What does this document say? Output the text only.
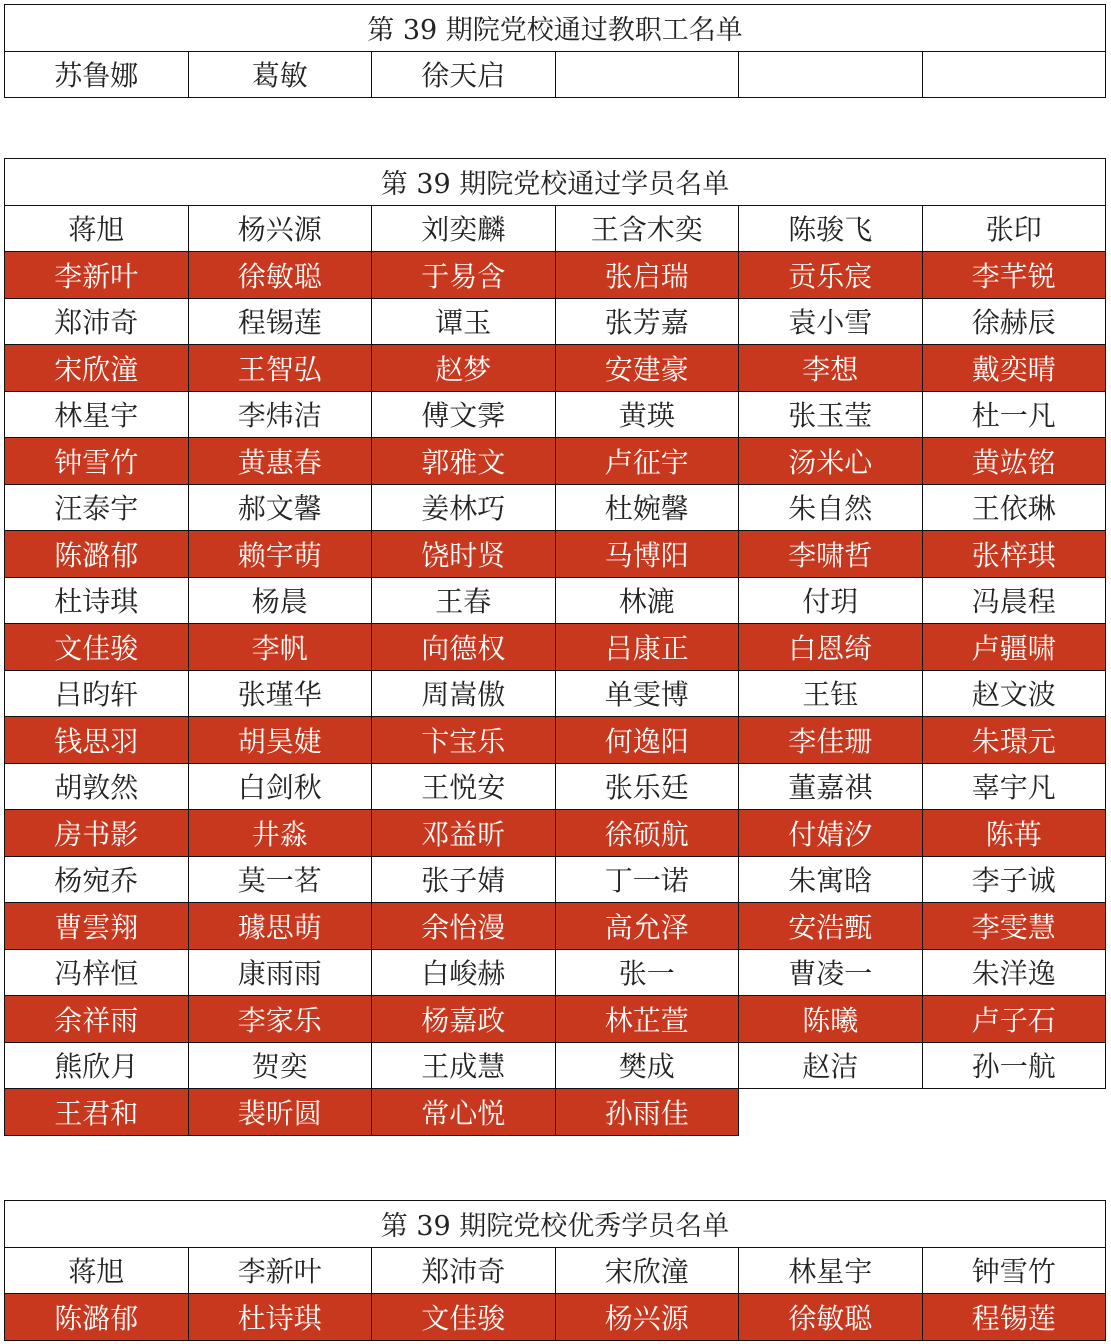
第 39 期院党校通过教职工名单
苏鲁娜	葛敏	徐天启			
第 39 期院党校通过学员名单					
蒋旭	杨兴源	刘奕麟	王含木奕	陈骏飞	张印
李新叶	徐敏聪	于易含	张启瑞	贡乐宸	李芊锐
郑沛奇	程锡莲	谭玉	张芳嘉	袁小雪	徐赫辰
宋欣潼	王智弘	赵梦	安建豪	李想	戴奕晴
林星宇	李炜洁	傅文霁	黄瑛	张玉莹	杜一凡
钟雪竹	黄惠春	郭雅文	卢征宇	汤米心	黄竑铭
汪泰宇	郝文馨	姜林巧	杜婉馨	朱自然	王依琳
陈潞郁	赖宇萌	饶时贤	马博阳	李啸哲	张梓琪
杜诗琪	杨晨	王春	林漉	付玥	冯晨程
文佳骏	李帆	向德权	吕康正	白恩绮	卢疆啸
吕昀轩	张瑾华	周嵩傲	单雯博	王钰	赵文波
钱思羽	胡昊婕	卞宝乐	何逸阳	李佳珊	朱璟元
胡敦然	白剑秋	王悦安	张乐廷	董嘉祺	辜宇凡
房书影	井淼	邓益昕	徐硕航	付婧汐	陈苒
杨宛乔	莫一茗	张子婧	丁一诺	朱寓晗	李子诚
曹雲翔	璩思萌	余怡漫	高允泽	安浩甄	李雯慧
冯梓恒	康雨雨	白峻赫	张一	曹凌一	朱洋逸
余祥雨	李家乐	杨嘉政	林芷萱	陈曦	卢子石
熊欣月	贺奕	王成慧	樊成	赵洁	孙一航
王君和	裴昕圆	常心悦	孙雨佳		
第 39 期院党校优秀学员名单					
蒋旭	李新叶	郑沛奇	宋欣潼	林星宇	钟雪竹
陈潞郁	杜诗琪	文佳骏	杨兴源	徐敏聪	程锡莲
